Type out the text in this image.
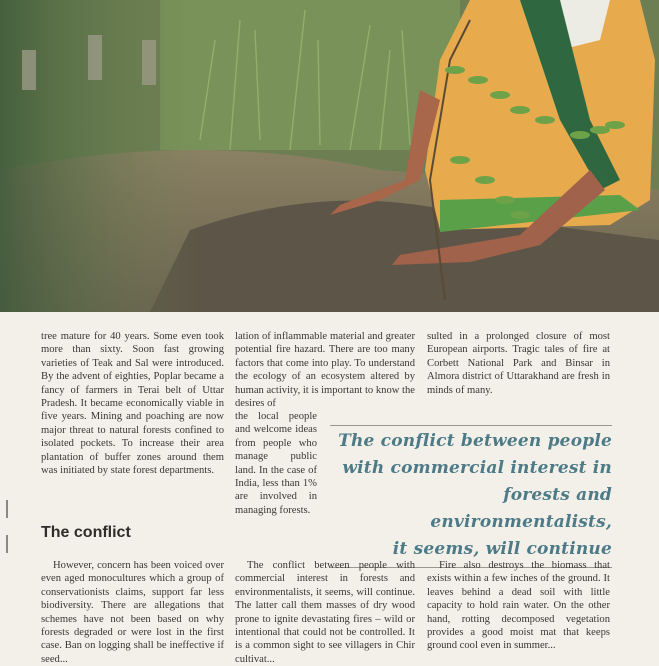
tree mature for 40 years. Some even took more than sixty. Soon fast growing varieties of Teak and Sal were introduced. By the advent of eighties, Poplar became a fancy of farmers in Terai belt of Uttar Pradesh. It became economically viable in five years. Mining and poaching are now major threat to natural forests confined to isolated pockets. To increase their area plantation of buffer zones around them was initiated by state forest departments.

lation of inflammable material and greater potential fire hazard. There are too many factors that come into play. To understand the ecology of an ecosystem altered by human activity, it is important to know the desires of

the local people and welcome ideas from people who manage public land. In the case of India, less than 1% are involved in managing forests.

sulted in a prolonged closure of most European airports. Tragic tales of fire at Corbett National Park and Binsar in Almora district of Uttarakhand are fresh in minds of many.

The conflict between people
with commercial interest in
forests and environmentalists,
it seems, will continue
The conflict

However, concern has been voiced over even aged monocultures which a group of conservationists claims, support far less biodiversity. There are allegations that schemes have not been based on why forests degraded or were lost in the first case. Ban on logging shall be ineffective if seed...

The conflict between people with commercial interest in forests and environmentalists, it seems, will continue. The latter call them masses of dry wood prone to ignite devastating fires – wild or intentional that could not be controlled. It is a common sight to see villagers in Chir cultivat...

Fire also destroys the biomass that exists within a few inches of the ground. It leaves behind a dead soil with little capacity to hold rain water. On the other hand, rotting decomposed vegetation provides a good moist mat that keeps ground cool even in summer...
